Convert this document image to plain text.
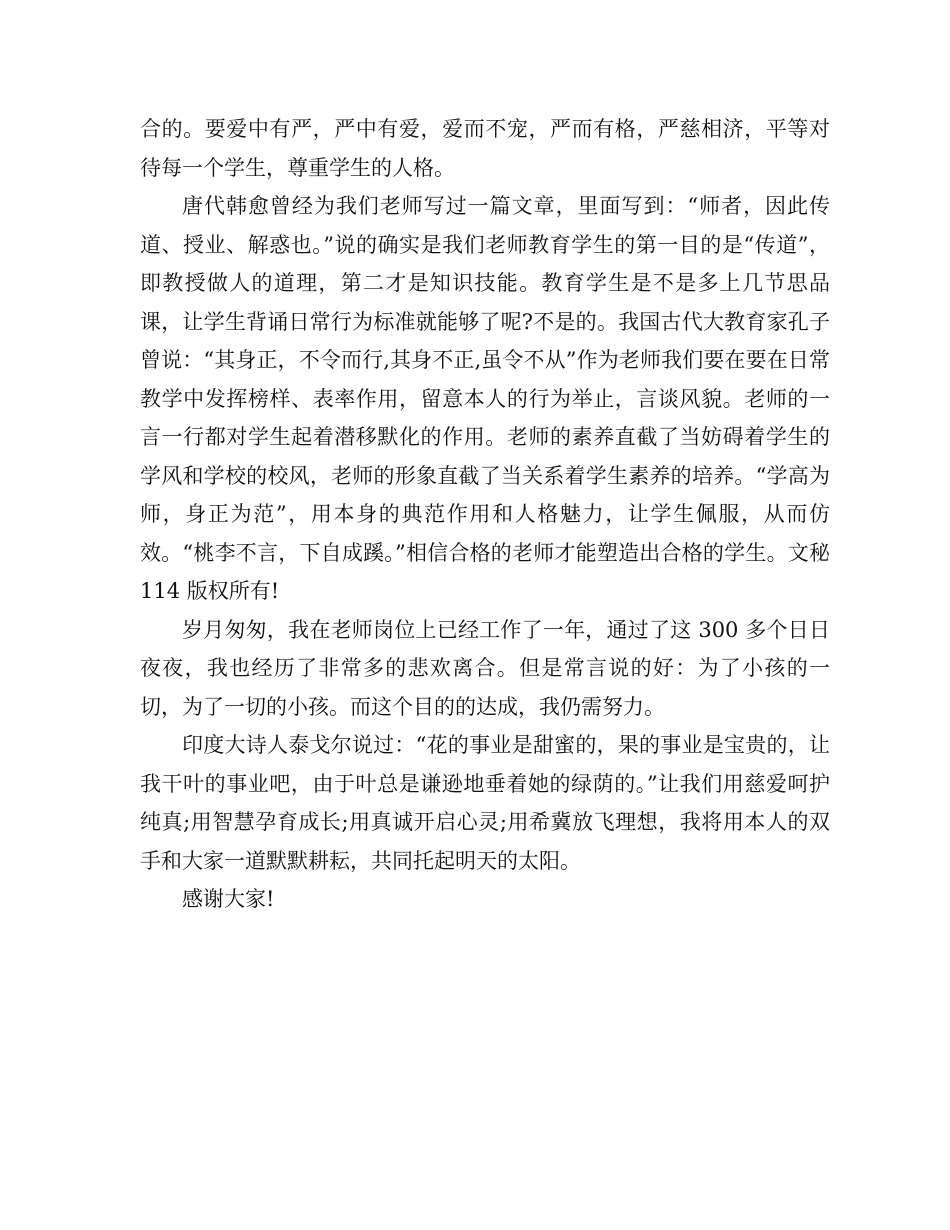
合的。要爱中有严，严中有爱，爱而不宠，严而有格，严慈相济，平等对待每一个学生，尊重学生的人格。

唐代韩愈曾经为我们老师写过一篇文章，里面写到：“师者，因此传道、授业、解惑也。”说的确实是我们老师教育学生的第一目的是“传道”，即教授做人的道理，第二才是知识技能。教育学生是不是多上几节思品课，让学生背诵日常行为标准就能够了呢?不是的。我国古代大教育家孔子曾说：“其身正，不令而行,其身不正,虽令不从”作为老师我们要在要在日常教学中发挥榜样、表率作用，留意本人的行为举止，言谈风貌。老师的一言一行都对学生起着潜移默化的作用。老师的素养直截了当妨碍着学生的学风和学校的校风，老师的形象直截了当关系着学生素养的培养。“学高为师，身正为范”，用本身的典范作用和人格魅力，让学生佩服，从而仿效。“桃李不言，下自成蹊。”相信合格的老师才能塑造出合格的学生。文秘 114 版权所有!

岁月匆匆，我在老师岗位上已经工作了一年，通过了这 300 多个日日夜夜，我也经历了非常多的悲欢离合。但是常言说的好：为了小孩的一切，为了一切的小孩。而这个目的的达成，我仍需努力。

印度大诗人泰戈尔说过：“花的事业是甜蜜的，果的事业是宝贵的，让我干叶的事业吧，由于叶总是谦逊地垂着她的绿荫的。”让我们用慈爱呵护纯真;用智慧孕育成长;用真诚开启心灵;用希冀放飞理想，我将用本人的双手和大家一道默默耕耘，共同托起明天的太阳。

感谢大家!
